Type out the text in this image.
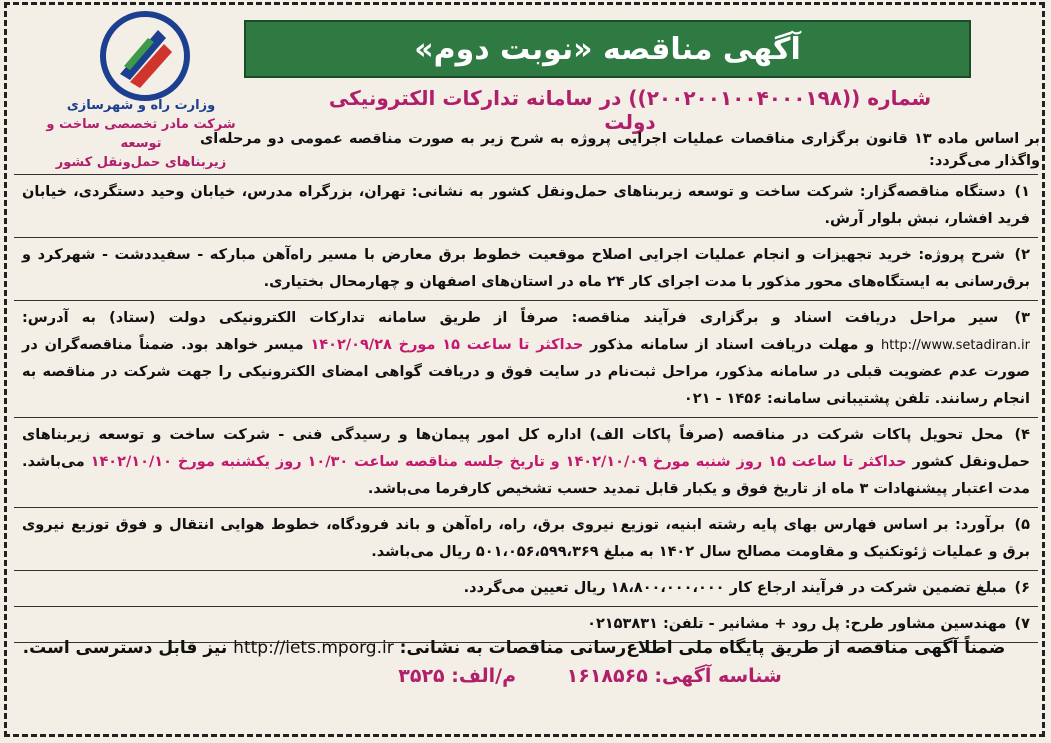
وزارت راه و شهرسازی
شرکت مادر تخصصی ساخت و توسعه
زیربناهای حمل‌ونقل کشور
آگهی مناقصه «نوبت دوم»
شماره ((۲۰۰۲۰۰۱۰۰۴۰۰۰۱۹۸)) در سامانه تدارکات الکترونیکی دولت
بر اساس ماده ۱۳ قانون برگزاری مناقصات عملیات اجرایی پروژه به شرح زیر به صورت مناقصه عمومی دو مرحله‌ای واگذار می‌گردد:
۱) دستگاه مناقصه‌گزار: شرکت ساخت و توسعه زیربناهای حمل‌ونقل کشور به نشانی: تهران، بزرگراه مدرس، خیابان وحید دستگردی، خیابان فرید افشار، نبش بلوار آرش.
۲) شرح پروژه: خرید تجهیزات و انجام عملیات اجرایی اصلاح موقعیت خطوط برق معارض با مسیر راه‌آهن مبارکه - سفیددشت - شهرکرد و برق‌رسانی به ایستگاه‌های محور مذکور با مدت اجرای کار ۲۴ ماه در استان‌های اصفهان و چهارمحال بختیاری.
۳) سیر مراحل دریافت اسناد و برگزاری فرآیند مناقصه: صرفاً از طریق سامانه تدارکات الکترونیکی دولت (ستاد) به آدرس: http://www.setadiran.ir و مهلت دریافت اسناد از سامانه مذکور حداکثر تا ساعت ۱۵ مورخ ۱۴۰۲/۰۹/۲۸ میسر خواهد بود. ضمناً مناقصه‌گران در صورت عدم عضویت قبلی در سامانه مذکور، مراحل ثبت‌نام در سایت فوق و دریافت گواهی امضای الکترونیکی را جهت شرکت در مناقصه به انجام رسانند. تلفن پشتیبانی سامانه: ۱۴۵۶ - ۰۲۱
۴) محل تحویل پاکات شرکت در مناقصه (صرفاً پاکات الف) اداره کل امور پیمان‌ها و رسیدگی فنی - شرکت ساخت و توسعه زیربناهای حمل‌ونقل کشور حداکثر تا ساعت ۱۵ روز شنبه مورخ ۱۴۰۲/۱۰/۰۹ و تاریخ جلسه مناقصه ساعت ۱۰/۳۰ روز یکشنبه مورخ ۱۴۰۲/۱۰/۱۰ می‌باشد. مدت اعتبار پیشنهادات ۳ ماه از تاریخ فوق و یکبار قابل تمدید حسب تشخیص کارفرما می‌باشد.
۵) برآورد: بر اساس فهارس بهای پایه رشته ابنیه، توزیع نیروی برق، راه، راه‌آهن و باند فرودگاه، خطوط هوایی انتقال و فوق توزیع نیروی برق و عملیات ژئوتکنیک و مقاومت مصالح سال ۱۴۰۲ به مبلغ ۵۰۱،۰۵۶،۵۹۹،۳۶۹ ریال می‌باشد.
۶) مبلغ تضمین شرکت در فرآیند ارجاع کار ۱۸،۸۰۰،۰۰۰،۰۰۰ ریال تعیین می‌گردد.
۷) مهندسین مشاور طرح: پل رود + مشانیر - تلفن: ۰۲۱۵۳۸۳۱
ضمناً آگهی مناقصه از طریق پایگاه ملی اطلاع‌رسانی مناقصات به نشانی: http://iets.mporg.ir نیز قابل دسترسی است.
شناسه آگهی: ۱۶۱۸۵۶۵ م/الف: ۳۵۲۵
